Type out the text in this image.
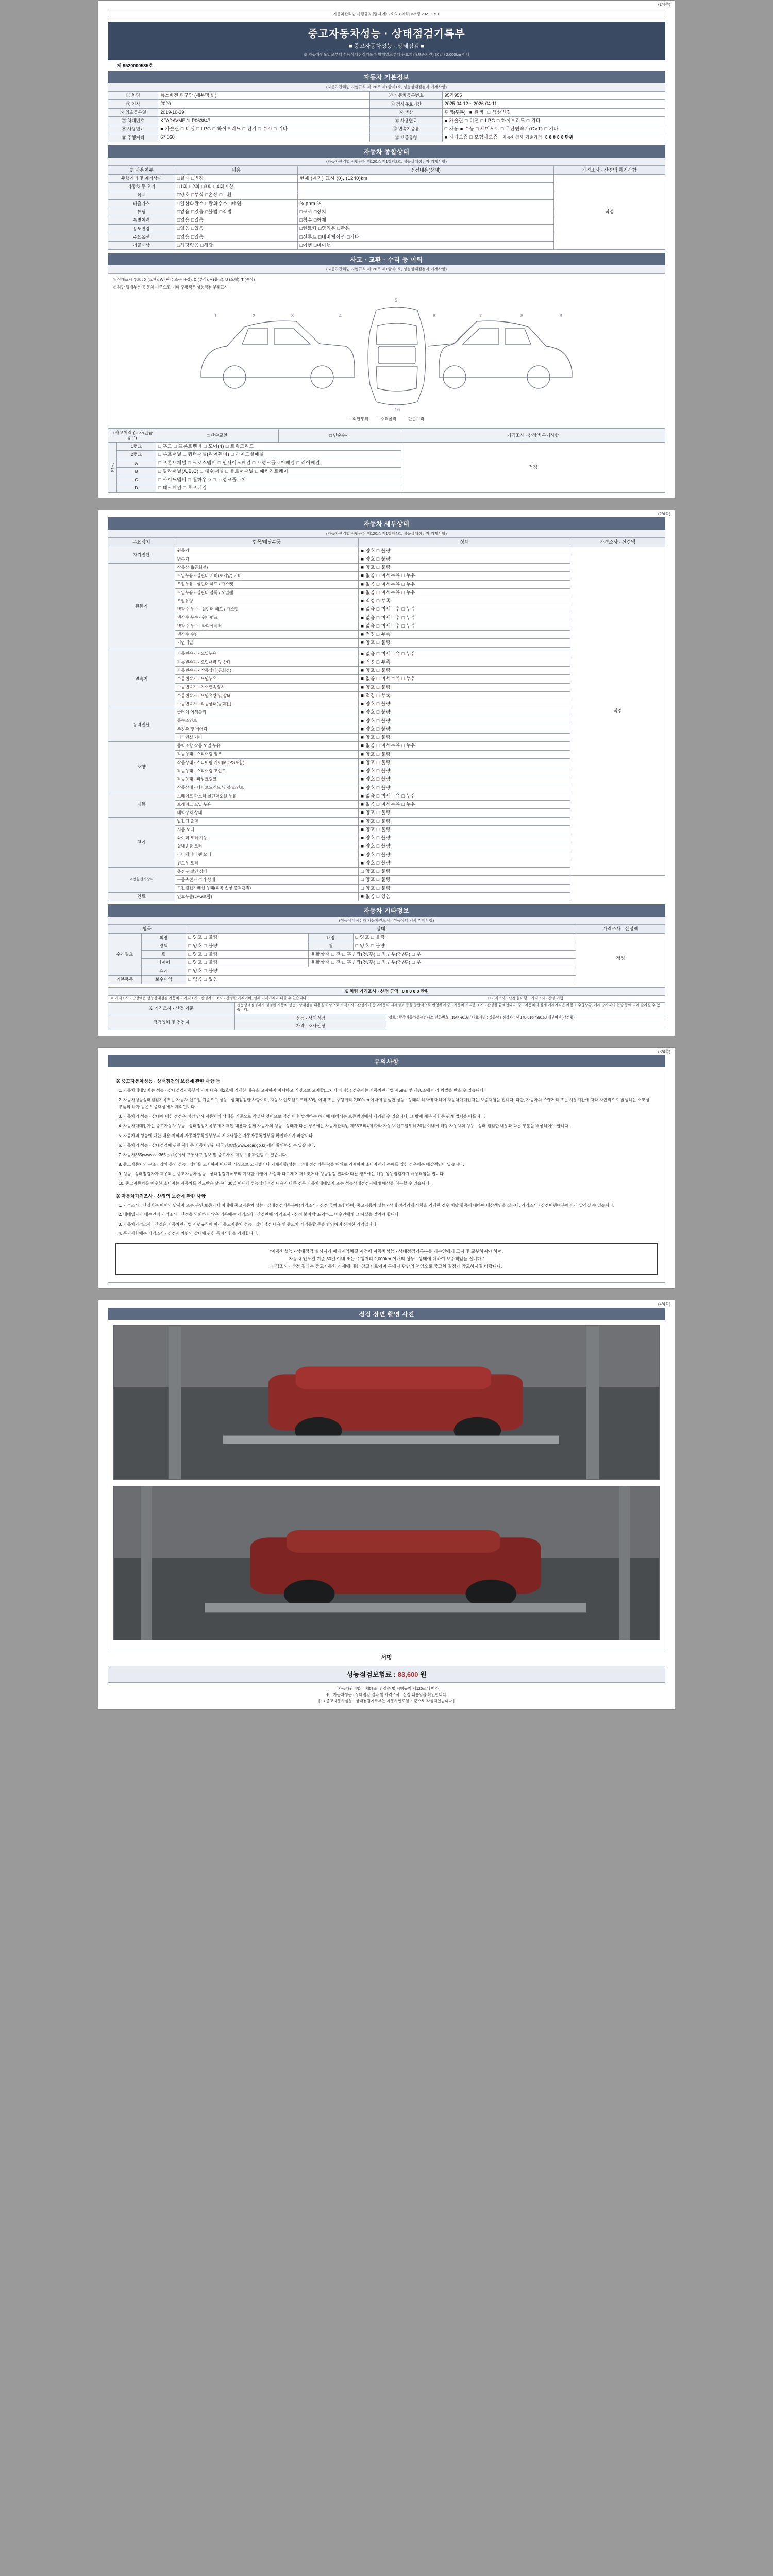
(1/4쪽)
자동차관리법 시행규칙 [별지 제82호의3 서식] <개정 2021.1.5.>
중고자동차성능 · 상태점검기록부
■ 중고자동차성능 · 상태점검 ■
※ 자동차인도일로부터 성능상태점검기록부 발행일로부터 유효기간(보증기간) 30일 / 2,000km 이내
제 9520000535호
자동차 기본정보
(자동차관리법 시행규칙 제120조 제1항제1호, 성능상태점검자 기재사항)
① 차명	폭스바겐 티구안 (세부명칭 )	② 자동차등록번호	95가955
③ 연식	2020	④ 검사유효기간	2025-04-12 ~ 2026-04-11
⑤ 최초등록일	2019-10-29	⑥ 색상	흰색(투톤) ■ 원색 □ 색상변경
⑦ 차대번호	KFADAVME 1LP063647	⑧ 사용연료	■ 가솔린 □ 디젤 □ LPG □ 하이브리드 □ 기타
⑨ 사용연료	■ 가솔린 □ 디젤 □ LPG □ 하이브리드 □ 전기 □ 수소 □ 기타	⑩ 변속기종류	□ 자동 ■ 수동 □ 세미오토 □ 무단변속기(CVT) □ 기타
⑪ 주행거리	67,060	⑫ 보증유형	■ 자가보증 □ 보험사보증 자동차검사 기준가격 0 0 0 0 0 만원
자동차 종합상태
(자동차관리법 시행규칙 제120조 제1항제2호, 성능상태점검자 기재사항)
※ 사용여부	내용	점검내용(상태)	가격조사 · 산정액 특기사항
주행거리 및 계기상태	□실제 □변경	현재 (계기) 표시 (0), (1240)km	적정
자동차 등 초기	□1회 □2회 □3회 □4회이상		
차대	□양호 □부식 □손상 □교환		
배출가스	□일산화탄소 □탄화수소 □매연	% ppm %	
튜닝	□없음 □있음 □불법 □적법	□구조 □장치	
특별이력	□없음 □있음	□침수 □화재	
용도변경	□없음 □있음	□렌트카 □영업용 □관용	
주요옵션	□없음 □있음	□선루프 □내비게이션 □기타	
리콜대상	□해당없음 □해당	□이행 □미이행	
사고 · 교환 · 수리 등 이력
(자동차관리법 시행규칙 제120조 제1항제3호, 성능상태점검자 기재사항)
※ 상태표시 부호 : X (교환), W (판금 또는 용접), C (부식), A (흠집), U (요철), T (손상)
※ 하단 덮개부분 등 동차 기준으로, 기타 주황색은 성능점검 부위표시
1	2	3	4
5
6	7	8	9
10
□ 외판부위 □ 주요골격 □ 단순수리
□ 사고이력 (교차/판금 유무)		□ 단순교환	□ 단순수리	가격조사 · 산정액 특기사항
구분	1랭크	□ 후드 □ 프론트휀더 □ 도어(4) □ 트렁크리드		적정
	2랭크	□ 루프패널 □ 쿼터패널(리어휀더) □ 사이드실패널		
	A	□ 프론트패널 □ 크로스멤버 □ 인사이드패널 □ 트렁크플로어패널 □ 리어패널		
	B	□ 필라패널(A,B,C) □ 대쉬패널 □ 플로어패널 □ 패키지트레이		
	C	□ 사이드멤버 □ 휠하우스 □ 트렁크플로어		
	D	□ 데크패널 □ 루프레일		
(2/4쪽)
자동차 세부상태
(자동차관리법 시행규칙 제120조 제1항제4호, 성능상태점검자 기재사항)
주요장치	항목/해당부품	상태	가격조사 · 산정액
자기진단	원동기	■ 양호 □ 불량	적정
	변속기	■ 양호 □ 불량	
원동기	작동상태(공회전)	■ 양호 □ 불량	
	오일누유 - 실린더 커버(로커암) 커버	■ 없음 □ 미세누유 □ 누유	
	오일누유 - 실린더 헤드 / 가스켓	■ 없음 □ 미세누유 □ 누유	
	오일누유 - 실린더 블록 / 오일팬	■ 없음 □ 미세누유 □ 누유	
	오일유량	■ 적정 □ 부족	
	냉각수 누수 - 실린더 헤드 / 가스켓	■ 없음 □ 미세누수 □ 누수	
	냉각수 누수 - 워터펌프	■ 없음 □ 미세누수 □ 누수	
	냉각수 누수 - 라디에이터	■ 없음 □ 미세누수 □ 누수	
	냉각수 수량	■ 적정 □ 부족	
	커먼레일	■ 양호 □ 불량	

변속기	자동변속기 - 오일누유	■ 없음 □ 미세누유 □ 누유	
	자동변속기 - 오일유량 및 상태	■ 적정 □ 부족	
	자동변속기 - 작동상태(공회전)	■ 양호 □ 불량	
	수동변속기 - 오일누유	■ 없음 □ 미세누유 □ 누유	
	수동변속기 - 기어변속장치	■ 양호 □ 불량	
	수동변속기 - 오일유량 및 상태	■ 적정 □ 부족	
	수동변속기 - 작동상태(공회전)	■ 양호 □ 불량	
동력전달	클러치 어셈블리	■ 양호 □ 불량	
	등속조인트	■ 양호 □ 불량	
	추진축 및 베어링	■ 양호 □ 불량	
	디퍼렌셜 기어	■ 양호 □ 불량	
조향	동력조향 작동 오일 누유	■ 없음 □ 미세누유 □ 누유	
	작동상태 - 스티어링 펌프	■ 양호 □ 불량	
	작동상태 - 스티어링 기어(MDPS포함)	■ 양호 □ 불량	
	작동상태 - 스티어링 조인트	■ 양호 □ 불량	
	작동상태 - 파워크랭크	■ 양호 □ 불량	
	작동상태 - 타이로드엔드 및 볼 조인트	■ 양호 □ 불량	
제동	브레이크 마스터 실린더오일 누유	■ 없음 □ 미세누유 □ 누유	
	브레이크 오일 누유	■ 없음 □ 미세누유 □ 누유	
	배력장치 상태	■ 양호 □ 불량	
전기	발전기 출력	■ 양호 □ 불량	
	시동 모터	■ 양호 □ 불량	
	와이퍼 모터 기능	■ 양호 □ 불량	
	실내송풍 모터	■ 양호 □ 불량	
	라디에이터 팬 모터	■ 양호 □ 불량	
	윈도우 모터	■ 양호 □ 불량	
고전원전기장치	충전구 절연 상태	□ 양호 □ 불량	
	구동축전지 격리 상태	□ 양호 □ 불량	
	고전원전기배선 상태(피복,손상,충격흔적)	□ 양호 □ 불량	
연료	연료누출(LPG포함)	■ 없음 □ 있음	
자동차 기타정보
(성능상태점검자 자동차인도시 · 성능상태 검사 기재사항)
항목		상태			가격조사 · 산정액
수리필요	외장	□ 양호 □ 불량	내장	□ 양호 □ 불량	적정
	광택	□ 양호 □ 불량	휠	□ 양호 □ 불량	
	휠	□ 양호 □ 불량	윤활상태 □ 전 □ 후 / 좌(전/후) □ 좌 / 우(전/후) □ 우		
	타이어	□ 양호 □ 불량	윤활상태 □ 전 □ 후 / 좌(전/후) □ 좌 / 우(전/후) □ 우		
	유리	□ 양호 □ 불량			
기본품목	보수내역	□ 없음 □ 있음			
※ 차량 가격조사 · 산정 금액 0 0 0 0 0 만원		
※ 가격조사 · 산정액은 성능상태점검 자동차의 가격조사 · 산정자가 조사 · 산정한 가격이며, 실제 거래가격과 다를 수 있습니다.		□ 가격조사 · 산정 불이행 □ 가격조사 · 산정 이행
※ 가격조사 · 산정 기준	성능상태점검자가 점검한 자동차 성능 · 상태점검 내용을 바탕으로 가격조사 · 산정자가 중고자동차 시세정보 등을 종합적으로 반영하여 중고자동차 가격을 조사 · 산정한 금액입니다. 중고자동차의 실제 거래가격은 차량의 수급상황, 거래 당사자의 협상 등에 따라 달라질 수 있습니다.	
점검업체 및 점검자	성능 · 상태점검	상호 : 광주자동차성능검사소 전화번호 : 1544-9103 / 대표자명 : 김종삼 / 점검자 : 신 140-016-439160 대부여부(감정평)
	가격 · 조사산정	
(3/4쪽)
유의사항
※ 중고자동차성능 · 상태점검의 보증에 관한 사항 등

1. 자동차매매업자는 성능 · 상태점검기록부의 기재 내용 제2호에 기재한 내용을 고지하지 아니하고 거짓으로 고지할(고치지 아니한) 경우에는 자동차관리법 제58조 및 제80조에 따라 처벌을 받을 수 있습니다.

2. 자동차성능상태점검기록부는 자동차 인도일 기준으로 성능 · 상태점검한 사항이며, 자동차 인도일로부터 30일 이내 또는 주행거리 2,000km 이내에 발생한 성능 · 상태의 하자에 대하여 자동차매매업자는 보증책임을 집니다. 다만, 자동차의 주행거리 또는 사용기간에 따라 자연적으로 발생하는 소모성 부품의 하자 등은 보증대상에서 제외됩니다.

3. 자동차의 성능 · 상태에 대한 점검은 점검 당시 자동차의 상태를 기준으로 작성된 것이므로 점검 이후 발생하는 하자에 대해서는 보증범위에서 제외될 수 있습니다. 그 밖에 세부 사항은 관계 법령을 따릅니다.

4. 자동차매매업자는 중고자동차 성능 · 상태점검기록부에 기재된 내용과 실제 자동차의 성능 · 상태가 다른 경우에는 자동차관리법 제58조의4에 따라 자동차 인도일부터 30일 이내에 해당 자동차의 성능 · 상태 점검한 내용과 다른 부분을 배상하여야 합니다.

5. 자동차의 성능에 대한 내용 이외의 자동차등록원부상의 기재사항은 자동차등록원부를 확인하시기 바랍니다.

6. 자동차의 성능 · 상태점검에 관한 사항은 자동차민원 대국민포털(www.ecar.go.kr)에서 확인하실 수 있습니다.

7. 자동차365(www.car365.go.kr)에서 교통사고 정보 및 중고차 이력정보를 확인할 수 있습니다.

8. 중고자동차의 구조 · 장치 등의 성능 · 상태를 고지하지 아니한 거짓으로 고지했거나 기재사항(성능 · 상태 점검기록부)을 허위로 기재하여 소비자에게 손해를 입힌 경우에는 배상책임이 있습니다.

9. 성능 · 상태점검자가 제공되는 중고자동차 성능 · 상태점검기록부의 기재한 사항이 사실과 다르게 기재하였거나 성능점검 결과와 다른 경우에는 해당 성능점검자가 배상책임을 집니다.

10. 중고자동차를 매수한 소비자는 자동차를 인도받은 날부터 30일 이내에 성능상태점검 내용과 다른 경우 자동차매매업자 또는 성능상태점검자에게 배상을 청구할 수 있습니다.

※ 자동차가격조사 · 산정의 보증에 관한 사항

1. 가격조사 · 산정자는 이해의 당사자 또는 본인 보증기재 이내에 중고자동차 성능 · 상태점검기록부에(가격조사 · 산정 금액 포함하여) 중고자동차 성능 · 상태 점검기재 사항을 기재한 경우 해당 항목에 대하여 배상책임을 집니다. 가격조사 · 산정이행여부에 따라 달라질 수 있습니다.

2. 매매업자가 매수인이 가격조사 · 산정을 의뢰하지 않은 경우에는 가격조사 · 산정란에 '가격조사 · 산정 불이행' 표기하고 매수인에게 그 사실을 알려야 합니다.

3. 자동차가격조사 · 산정은 자동차관리법 시행규칙에 따라 중고자동차 성능 · 상태점검 내용 및 중고차 가격동향 등을 반영하여 산정한 가격입니다.

4. 특기사항에는 가격조사 · 산정시 차량의 상태에 관한 특이사항을 기재합니다.

"자동차성능 · 상태점검 실시자가 매매계약체결 이전에 자동차성능 · 상태점검기록부를 매수인에게 고지 및 교부하여야 하며,
자동차 인도일 기준 30일 이내 또는 주행거리 2,000km 이내의 성능 · 상태에 대하여 보증책임을 집니다."
가격조사 · 산정 결과는 중고자동차 시세에 대한 참고자료이며 구매자 판단의 책임으로 중고차 결정에 참고하시길 바랍니다.
(4/4쪽)
점검 장면 촬영 사진
서명
성능점검보험료 : 83,600 원
「자동차관리법」 제58조 및 같은 법 시행규칙 제120조에 따라
중고자동차성능 · 상태점검 결과 및 가격조사 · 산정 내용임을 확인합니다.
[ 1 / 중고자동차성능 · 상태점검기록부는 자동차인도일 기준으로 작성되었습니다 ]
